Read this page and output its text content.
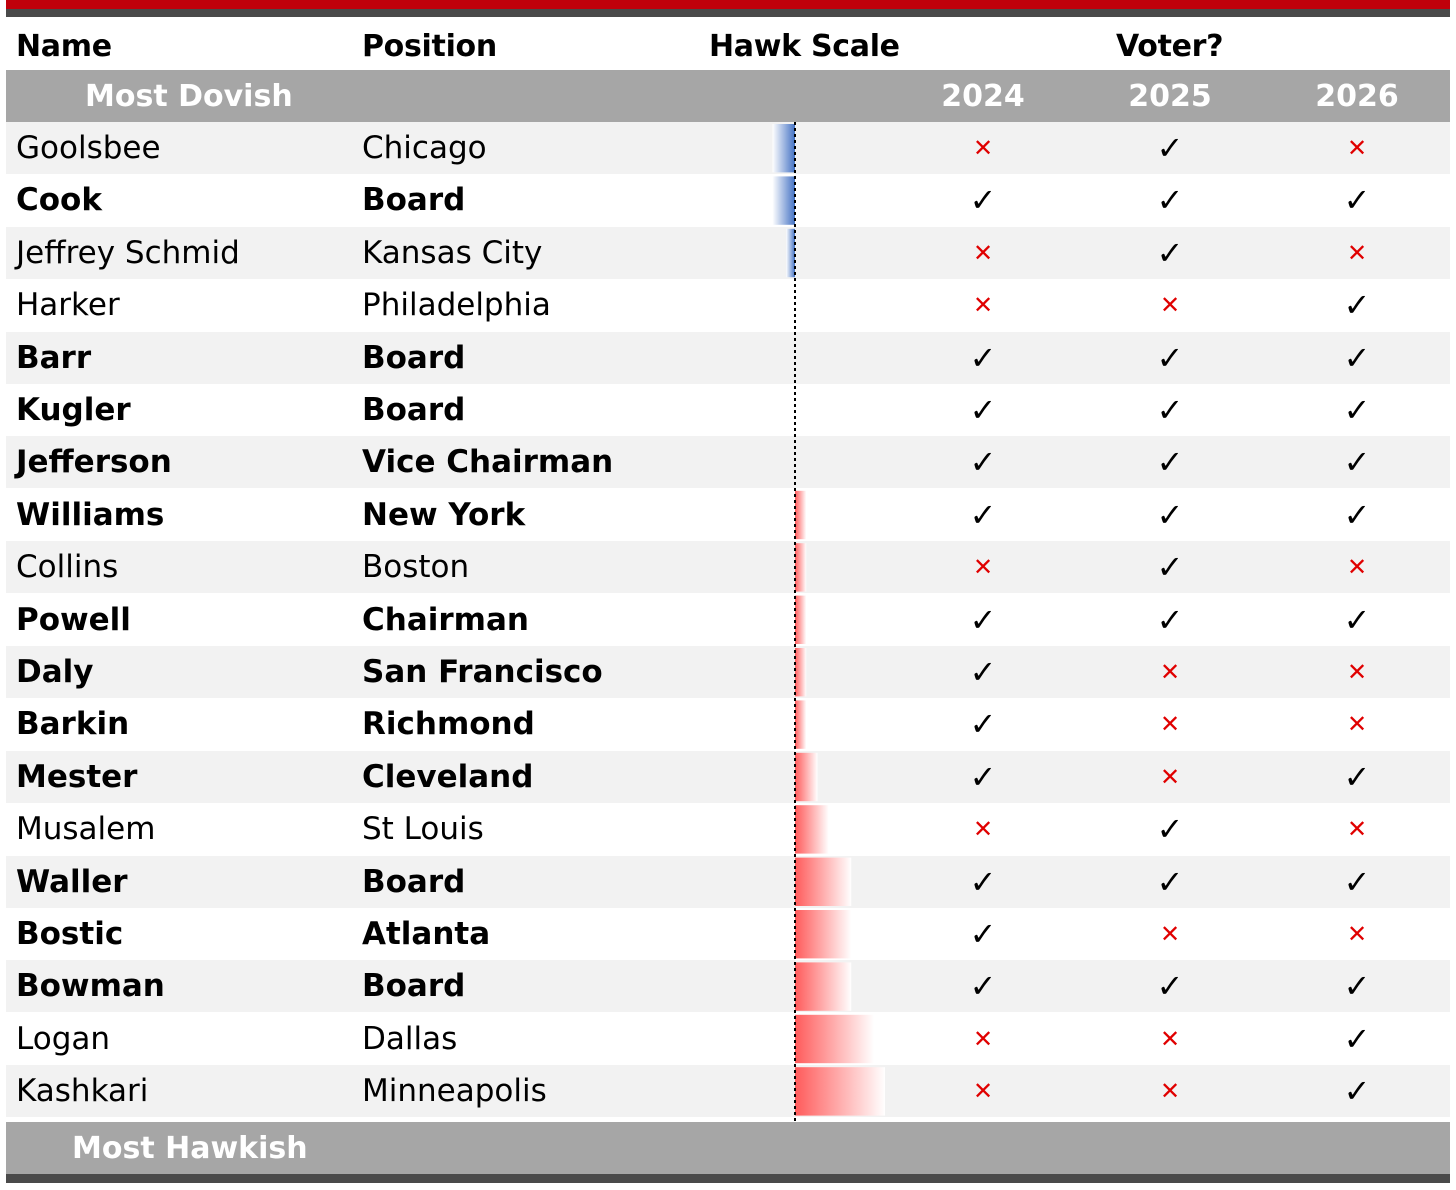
Name	Position	Hawk Scale	Voter?
Most Dovish	2024	2025	2026
Goolsbee	Chicago	✕	✓	✕
Cook	Board	✓	✓	✓
Jeffrey Schmid	Kansas City	✕	✓	✕
Harker	Philadelphia	✕	✕	✓
Barr	Board	✓	✓	✓
Kugler	Board	✓	✓	✓
Jefferson	Vice Chairman	✓	✓	✓
Williams	New York	✓	✓	✓
Collins	Boston	✕	✓	✕
Powell	Chairman	✓	✓	✓
Daly	San Francisco	✓	✕	✕
Barkin	Richmond	✓	✕	✕
Mester	Cleveland	✓	✕	✓
Musalem	St Louis	✕	✓	✕
Waller	Board	✓	✓	✓
Bostic	Atlanta	✓	✕	✕
Bowman	Board	✓	✓	✓
Logan	Dallas	✕	✕	✓
Kashkari	Minneapolis	✕	✕	✓
Most Hawkish
